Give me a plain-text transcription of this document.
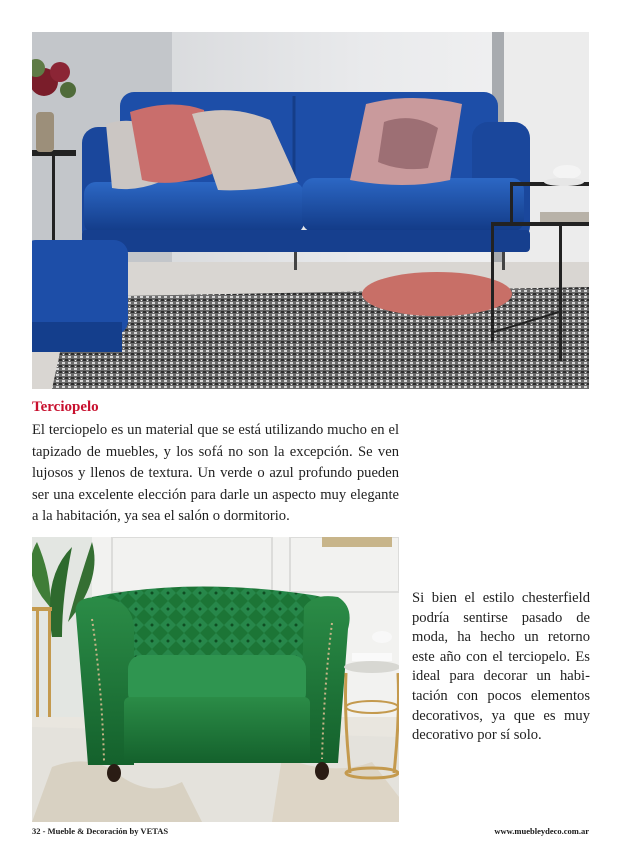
Terciopelo

El terciopelo es un material que se está utilizando mucho en el tapizado de muebles, y los sofá no son la excepción. Se ven lujosos y llenos de textura. Un verde o azul profundo pueden ser una excelente elección para darle un aspecto muy elegante a la habitación, ya sea el salón o dormitorio.

Si bien el estilo chesterfield podría sentirse pasado de moda, ha hecho un retorno este año con el terciopelo. Es ideal para decorar un habitación con pocos elementos decorativos, ya que es muy decorativo por sí solo.

32 - Mueble & Decoración by VETAS	www.muebleydeco.com.ar
